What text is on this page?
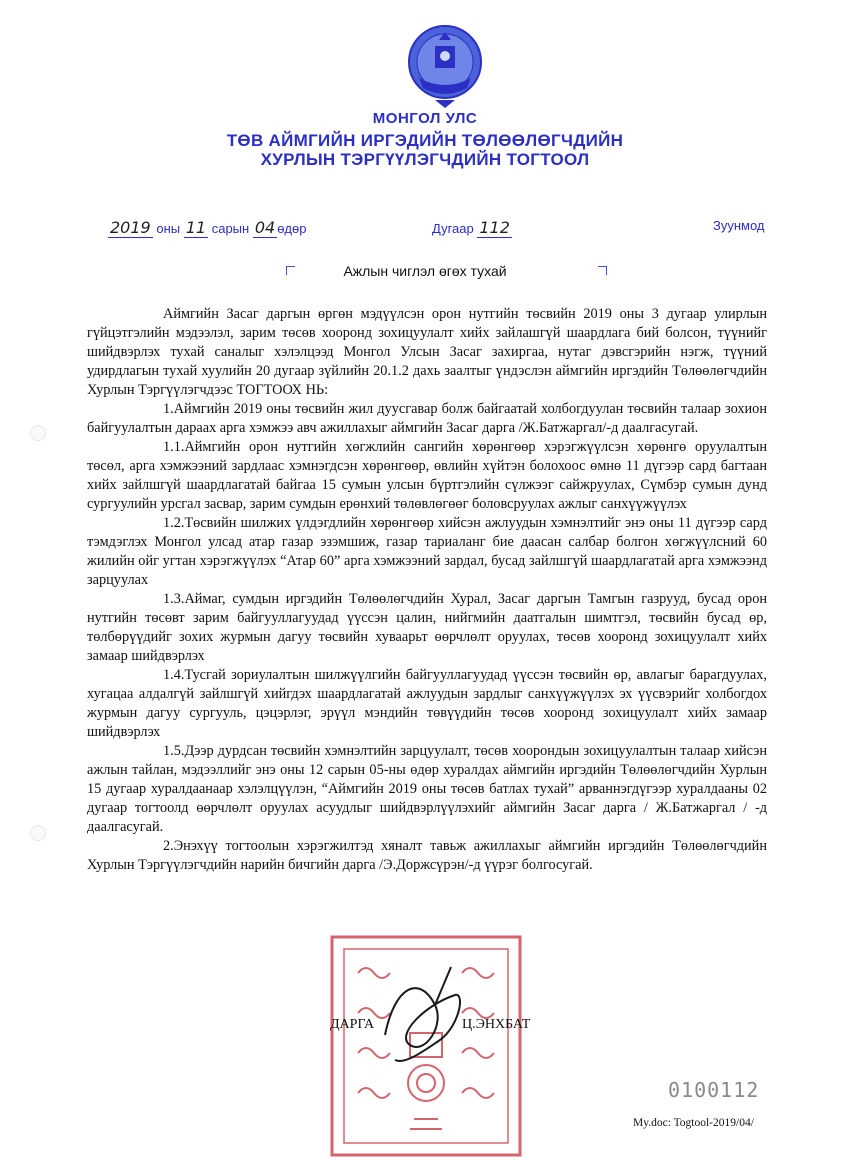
МОНГОЛ УЛС
ТӨВ АЙМГИЙН ИРГЭДИЙН ТӨЛӨӨЛӨГЧДИЙН
ХУРЛЫН ТЭРГҮҮЛЭГЧДИЙН ТОГТООЛ
2019 оны 11 сарын 04 өдөр	Дугаар 112	Зуунмод
Ажлын чиглэл өгөх тухай

Аймгийн Засаг даргын өргөн мэдүүлсэн орон нутгийн төсвийн 2019 оны 3 дугаар улирлын гүйцэтгэлийн мэдээлэл, зарим төсөв хооронд зохицуулалт хийх зайлашгүй шаардлага бий болсон, түүнийг шийдвэрлэх тухай саналыг хэлэлцээд Монгол Улсын Засаг захиргаа, нутаг дэвсгэрийн нэгж, түүний удирдлагын тухай хуулийн 20 дугаар зүйлийн 20.1.2 дахь заалтыг үндэслэн аймгийн иргэдийн Төлөөлөгчдийн Хурлын Тэргүүлэгчдээс ТОГТООХ НЬ:

1.Аймгийн 2019 оны төсвийн жил дуусгавар болж байгаатай холбогдуулан төсвийн талаар зохион байгуулалтын дараах арга хэмжээ авч ажиллахыг аймгийн Засаг дарга /Ж.Батжаргал/-д даалгасугай.

1.1.Аймгийн орон нутгийн хөгжлийн сангийн хөрөнгөөр хэрэгжүүлсэн хөрөнгө оруулалтын төсөл, арга хэмжээний зардлаас хэмнэгдсэн хөрөнгөөр, өвлийн хүйтэн болохоос өмнө 11 дүгээр сард багтаан хийх зайлшгүй шаардлагатай байгаа 15 сумын улсын бүртгэлийн сүлжээг сайжруулах, Сүмбэр сумын дунд сургуулийн урсгал засвар, зарим сумдын ерөнхий төлөвлөгөөг боловсруулах ажлыг санхүүжүүлэх

1.2.Төсвийн шилжих үлдэгдлийн хөрөнгөөр хийсэн ажлуудын хэмнэлтийг энэ оны 11 дүгээр сард тэмдэглэх Монгол улсад атар газар эзэмшиж, газар тариаланг бие даасан салбар болгон хөгжүүлсний 60 жилийн ойг угтан хэрэгжүүлэх “Атар 60” арга хэмжээний зардал, бусад зайлшгүй шаардлагатай арга хэмжээнд зарцуулах

1.3.Аймаг, сумдын иргэдийн Төлөөлөгчдийн Хурал, Засаг даргын Тамгын газрууд, бусад орон нутгийн төсөвт зарим байгууллагуудад үүссэн цалин, нийгмийн даатгалын шимтгэл, төсвийн бусад өр, төлбөрүүдийг зохих журмын дагуу төсвийн хуваарьт өөрчлөлт оруулах, төсөв хооронд зохицуулалт хийх замаар шийдвэрлэх

1.4.Тусгай зориулалтын шилжүүлгийн байгууллагуудад үүссэн төсвийн өр, авлагыг барагдуулах, хугацаа алдалгүй зайлшгүй хийгдэх шаардлагатай ажлуудын зардлыг санхүүжүүлэх эх үүсвэрийг холбогдох журмын дагуу сургууль, цэцэрлэг, эрүүл мэндийн төвүүдийн төсөв хооронд зохицуулалт хийх замаар шийдвэрлэх

1.5.Дээр дурдсан төсвийн хэмнэлтийн зарцуулалт, төсөв хоорондын зохицуулалтын талаар хийсэн ажлын тайлан, мэдээллийг энэ оны 12 сарын 05-ны өдөр хуралдах аймгийн иргэдийн Төлөөлөгчдийн Хурлын 15 дугаар хуралдаанаар хэлэлцүүлэн, “Аймгийн 2019 оны төсөв батлах тухай” арваннэгдүгээр хуралдааны 02 дугаар тогтоолд өөрчлөлт оруулах асуудлыг шийдвэрлүүлэхийг аймгийн Засаг дарга / Ж.Батжаргал / -д даалгасугай.

2.Энэхүү тогтоолын хэрэгжилтэд хяналт тавьж ажиллахыг аймгийн иргэдийн Төлөөлөгчдийн Хурлын Тэргүүлэгчдийн нарийн бичгийн дарга /Э.Доржсүрэн/-д үүрэг болгосугай.

ДАРГА	Ц.ЭНХБАТ
0100112
My.doc: Togtool-2019/04/
